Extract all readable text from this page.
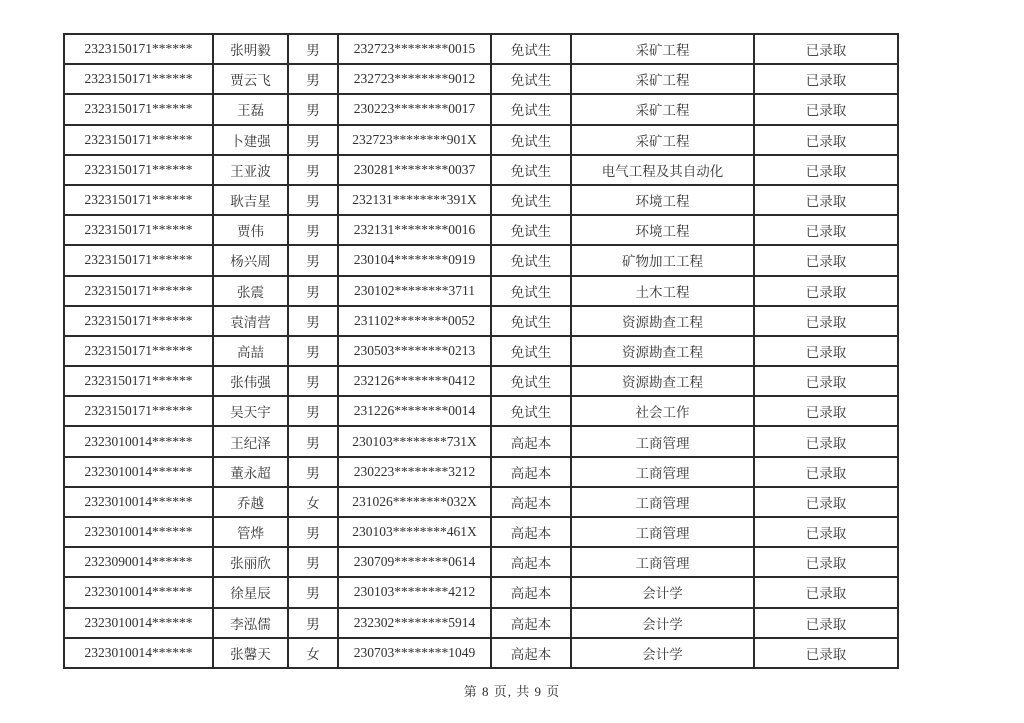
2323150171******	张明毅	男	232723********0015	免试生	采矿工程	已录取
2323150171******	贾云飞	男	232723********9012	免试生	采矿工程	已录取
2323150171******	王磊	男	230223********0017	免试生	采矿工程	已录取
2323150171******	卜建强	男	232723********901X	免试生	采矿工程	已录取
2323150171******	王亚波	男	230281********0037	免试生	电气工程及其自动化	已录取
2323150171******	耿吉星	男	232131********391X	免试生	环境工程	已录取
2323150171******	贾伟	男	232131********0016	免试生	环境工程	已录取
2323150171******	杨兴周	男	230104********0919	免试生	矿物加工工程	已录取
2323150171******	张震	男	230102********3711	免试生	土木工程	已录取
2323150171******	袁清营	男	231102********0052	免试生	资源勘查工程	已录取
2323150171******	高喆	男	230503********0213	免试生	资源勘查工程	已录取
2323150171******	张伟强	男	232126********0412	免试生	资源勘查工程	已录取
2323150171******	吴天宇	男	231226********0014	免试生	社会工作	已录取
2323010014******	王纪泽	男	230103********731X	高起本	工商管理	已录取
2323010014******	董永超	男	230223********3212	高起本	工商管理	已录取
2323010014******	乔越	女	231026********032X	高起本	工商管理	已录取
2323010014******	管烨	男	230103********461X	高起本	工商管理	已录取
2323090014******	张丽欣	男	230709********0614	高起本	工商管理	已录取
2323010014******	徐星辰	男	230103********4212	高起本	会计学	已录取
2323010014******	李泓儒	男	232302********5914	高起本	会计学	已录取
2323010014******	张馨天	女	230703********1049	高起本	会计学	已录取
第 8 页, 共 9 页
